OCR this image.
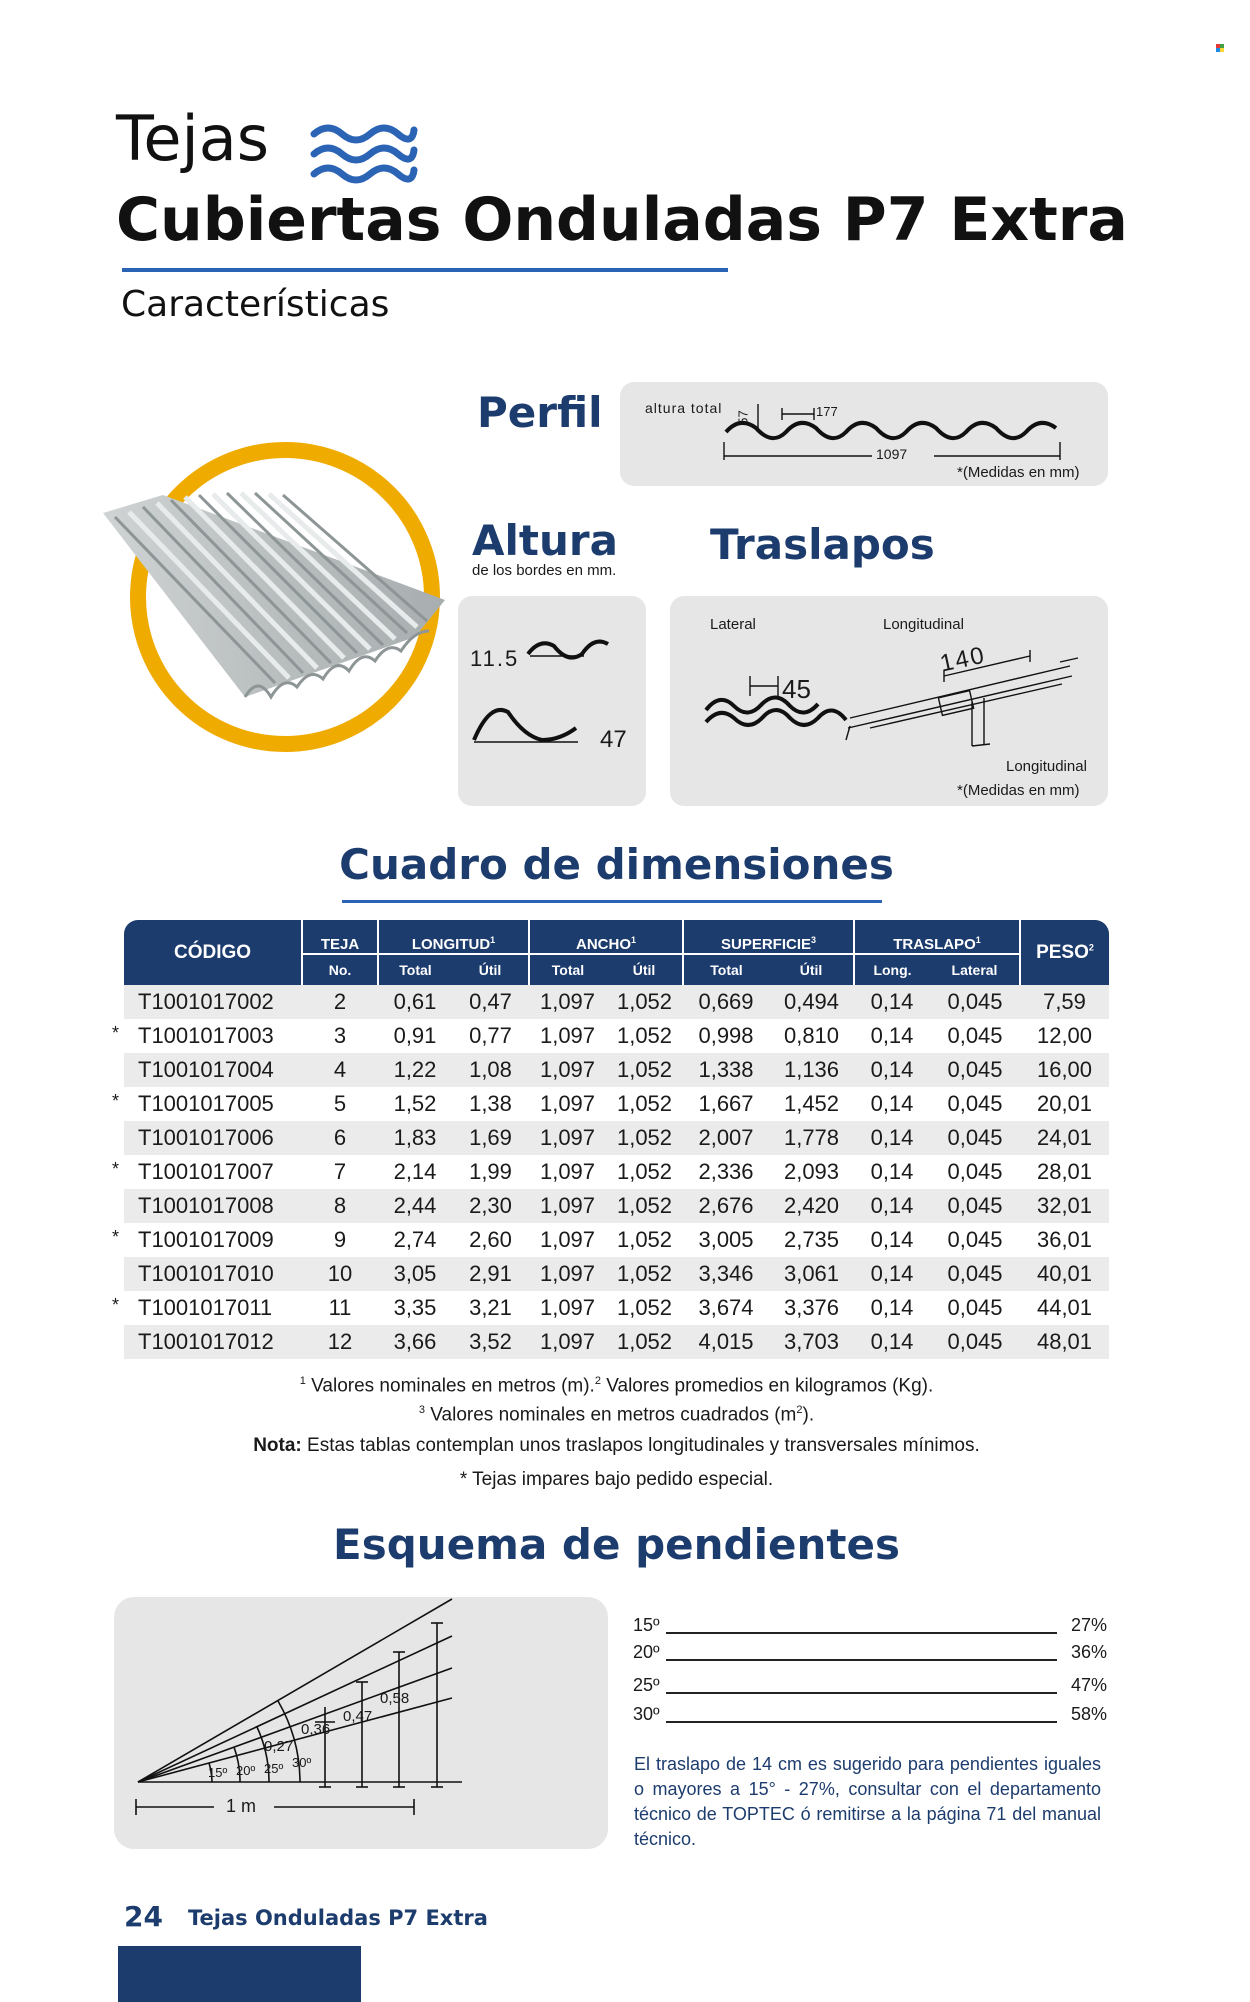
Tejas
Cubiertas Onduladas P7 Extra
Características
Perfil	altura total
57	177
1097
*(Medidas en mm)
Altura
de los bordes en mm.
11.5
47
Traslapos
Lateral	Longitudinal
45
140
Longitudinal
*(Medidas en mm)
Cuadro de dimensiones
CÓDIGO	TEJA	LONGITUD$^1$		ANCHO$^1$		SUPERFICIE$^3$		TRASLAPO$^1$		PESO$^2$
	No.	Total	Útil	Total	Útil	Total	Útil	Long.	Lateral	

T1001017002	2	0,61	0,47	1,097	1,052	0,669	0,494	0,14	0,045	7,59

* T1001017003	3	0,91	0,77	1,097	1,052	0,998	0,810	0,14	0,045	12,00

T1001017004	4	1,22	1,08	1,097	1,052	1,338	1,136	0,14	0,045	16,00

* T1001017005	5	1,52	1,38	1,097	1,052	1,667	1,452	0,14	0,045	20,01

T1001017006	6	1,83	1,69	1,097	1,052	2,007	1,778	0,14	0,045	24,01

* T1001017007	7	2,14	1,99	1,097	1,052	2,336	2,093	0,14	0,045	28,01

T1001017008	8	2,44	2,30	1,097	1,052	2,676	2,420	0,14	0,045	32,01

* T1001017009	9	2,74	2,60	1,097	1,052	3,005	2,735	0,14	0,045	36,01

T1001017010	10	3,05	2,91	1,097	1,052	3,346	3,061	0,14	0,045	40,01

* T1001017011	11	3,35	3,21	1,097	1,052	3,674	3,376	0,14	0,045	44,01

T1001017012	12	3,66	3,52	1,097	1,052	4,015	3,703	0,14	0,045	48,01
$^1$ Valores nominales en metros (m).$^2$ Valores promedios en kilogramos (Kg).
$^3$ Valores nominales en metros cuadrados $(m^2)$.
Nota: Estas tablas contemplan unos traslapos longitudinales y transversales mínimos.
* Tejas impares bajo pedido especial.
Esquema de pendientes
15º 20º 25º 30º
0,27
0,36
0,47
0,58
1 m
15º	27%
20º	36%
25º	47%
30º	58%
El traslapo de 14 cm es sugerido para pendientes iguales o mayores a 15° - 27%, consultar con el departamento técnico de TOPTEC ó remitirse a la página 71 del manual técnico.
24 Tejas Onduladas P7 Extra
